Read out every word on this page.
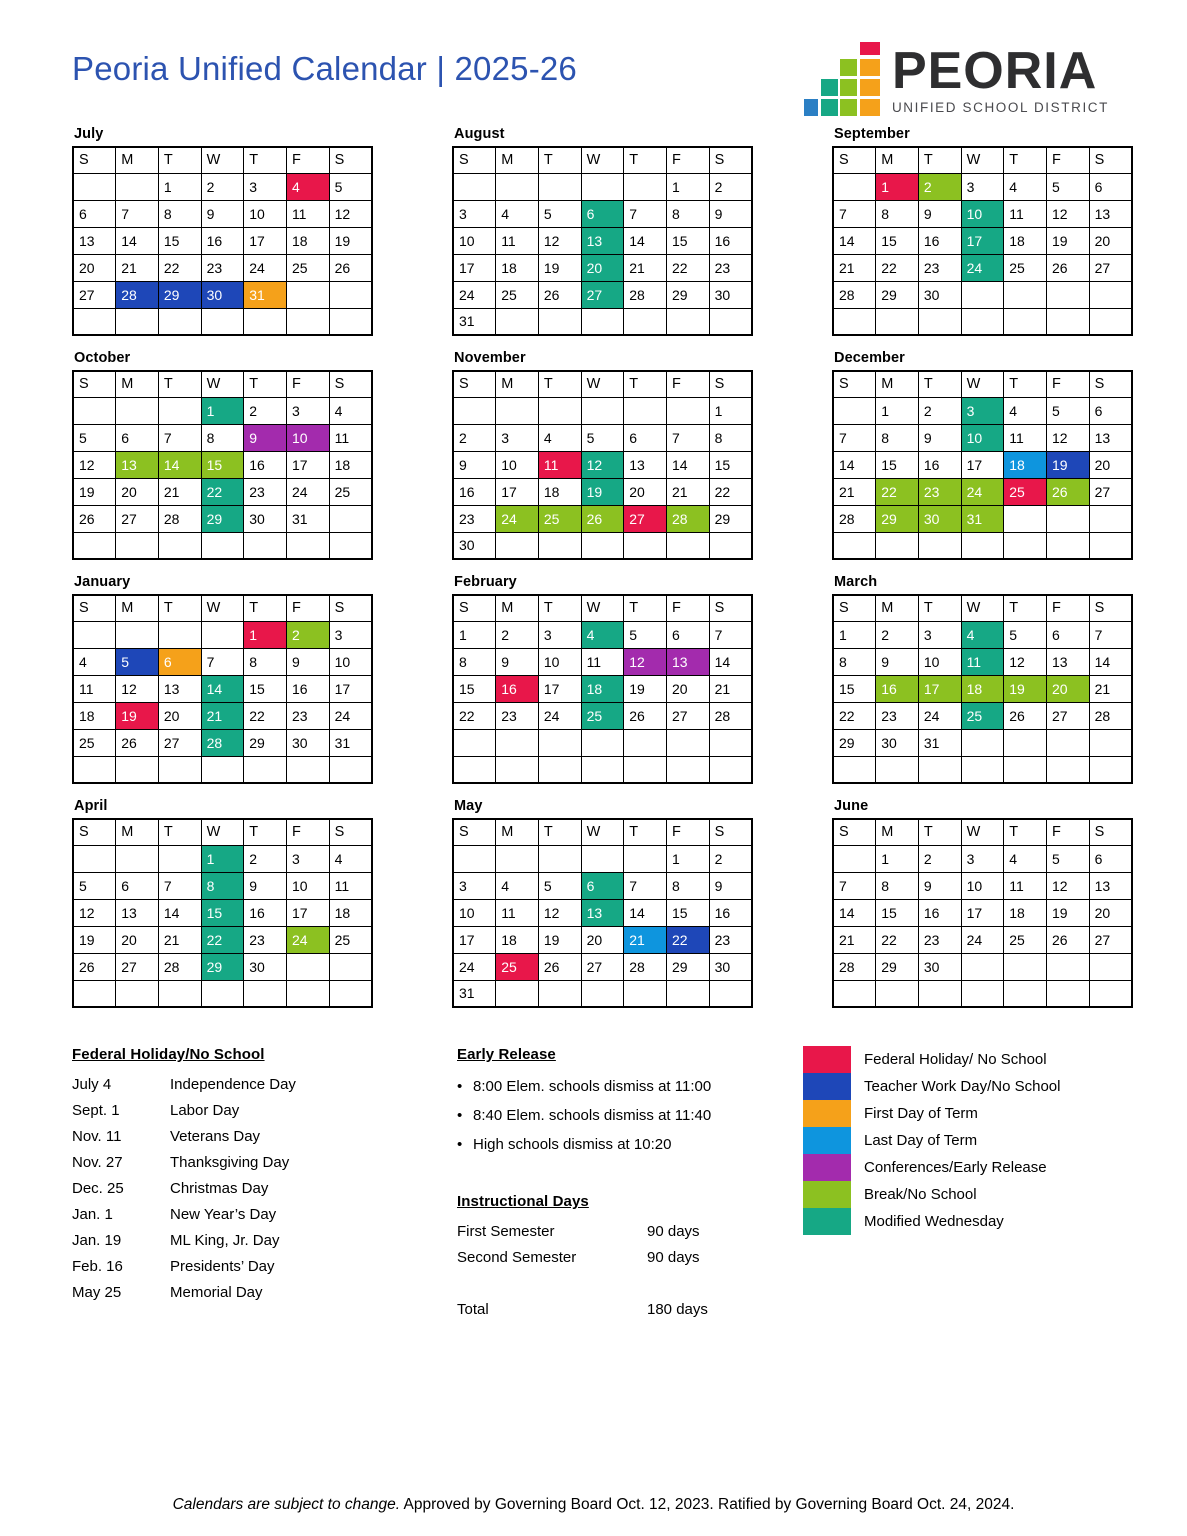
Peoria Unified Calendar | 2025-26	PEORIA
UNIFIED SCHOOL DISTRICT
July
S	M	T	W	T	F	S
		1	2	3	4	5
6	7	8	9	10	11	12
13	14	15	16	17	18	19
20	21	22	23	24	25	26
27	28	29	30	31		

August
S	M	T	W	T	F	S
					1	2
3	4	5	6	7	8	9
10	11	12	13	14	15	16
17	18	19	20	21	22	23
24	25	26	27	28	29	30
31						
September
S	M	T	W	T	F	S
	1	2	3	4	5	6
7	8	9	10	11	12	13
14	15	16	17	18	19	20
21	22	23	24	25	26	27
28	29	30				

October
S	M	T	W	T	F	S
			1	2	3	4
5	6	7	8	9	10	11
12	13	14	15	16	17	18
19	20	21	22	23	24	25
26	27	28	29	30	31	

November
S	M	T	W	T	F	S
						1
2	3	4	5	6	7	8
9	10	11	12	13	14	15
16	17	18	19	20	21	22
23	24	25	26	27	28	29
30						
December
S	M	T	W	T	F	S
	1	2	3	4	5	6
7	8	9	10	11	12	13
14	15	16	17	18	19	20
21	22	23	24	25	26	27
28	29	30	31			

January
S	M	T	W	T	F	S
				1	2	3
4	5	6	7	8	9	10
11	12	13	14	15	16	17
18	19	20	21	22	23	24
25	26	27	28	29	30	31

February
S	M	T	W	T	F	S
1	2	3	4	5	6	7
8	9	10	11	12	13	14
15	16	17	18	19	20	21
22	23	24	25	26	27	28

March
S	M	T	W	T	F	S
1	2	3	4	5	6	7
8	9	10	11	12	13	14
15	16	17	18	19	20	21
22	23	24	25	26	27	28
29	30	31				

April
S	M	T	W	T	F	S
			1	2	3	4
5	6	7	8	9	10	11
12	13	14	15	16	17	18
19	20	21	22	23	24	25
26	27	28	29	30		

May
S	M	T	W	T	F	S
					1	2
3	4	5	6	7	8	9
10	11	12	13	14	15	16
17	18	19	20	21	22	23
24	25	26	27	28	29	30
31						
June
S	M	T	W	T	F	S
	1	2	3	4	5	6
7	8	9	10	11	12	13
14	15	16	17	18	19	20
21	22	23	24	25	26	27
28	29	30				

Federal Holiday/No School
July 4	Independence Day
Sept. 1	Labor Day
Nov. 11	Veterans Day
Nov. 27	Thanksgiving Day
Dec. 25	Christmas Day
Jan. 1	New Year’s Day
Jan. 19	ML King, Jr. Day
Feb. 16	Presidents’ Day
May 25	Memorial Day
Early Release
• 8:00 Elem. schools dismiss at 11:00
• 8:40 Elem. schools dismiss at 11:40
• High schools dismiss at 10:20
Instructional Days
First Semester	90 days
Second Semester	90 days
Total	180 days
Federal Holiday/ No School
Teacher Work Day/No School
First Day of Term
Last Day of Term
Conferences/Early Release
Break/No School
Modified Wednesday
Calendars are subject to change. Approved by Governing Board Oct. 12, 2023. Ratified by Governing Board Oct. 24, 2024.
